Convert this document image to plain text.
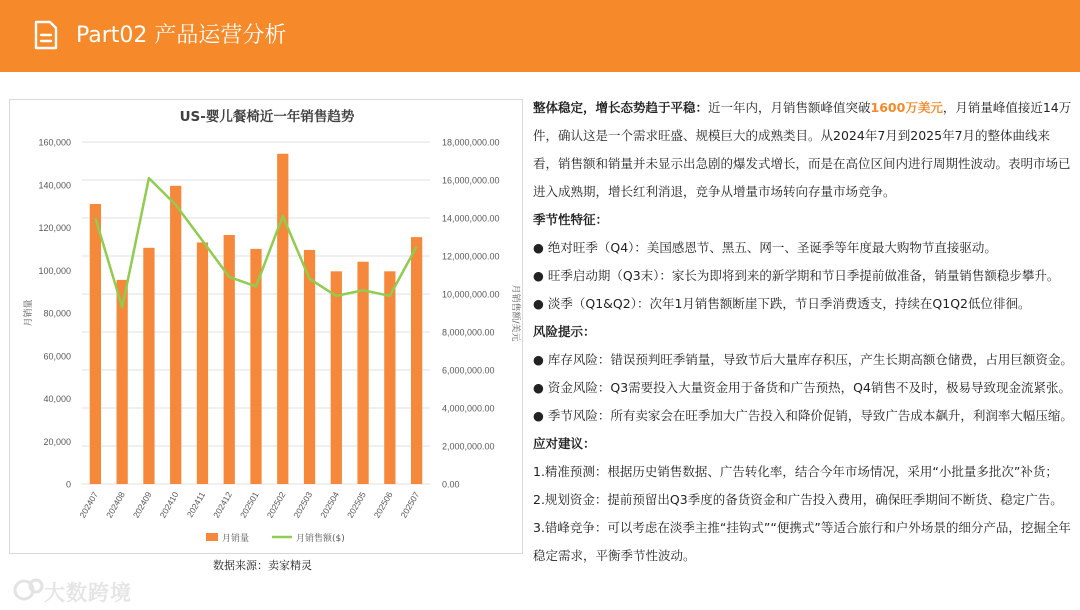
Part02 产品运营分析
0.00
2,000,000.00
4,000,000.00
6,000,000.00
8,000,000.00
10,000,000.00
12,000,000.00
14,000,000.00
16,000,000.00
18,000,000.00
0
20,000
40,000
60,000
80,000
100,000
120,000
140,000
160,000
US-婴儿餐椅近一年销售趋势
月销量	月销售额/美元
202407 202408 202409 202410 202411 202412 202501 202502 202503 202504 202505 202506 202507
月销量	月销售额($)
数据来源：卖家精灵

整体稳定，增长态势趋于平稳：近一年内，月销售额峰值突破1600万美元，月销量峰值接近14万件，确认这是一个需求旺盛、规模巨大的成熟类目。从2024年7月到2025年7月的整体曲线来看，销售额和销量并未显示出急剧的爆发式增长，而是在高位区间内进行周期性波动。表明市场已进入成熟期，增长红利消退，竞争从增量市场转向存量市场竞争。

季节性特征：

● 绝对旺季（Q4）：美国感恩节、黑五、网一、圣诞季等年度最大购物节直接驱动。

● 旺季启动期（Q3末）：家长为即将到来的新学期和节日季提前做准备，销量销售额稳步攀升。

● 淡季（Q1&Q2）：次年1月销售额断崖下跌，节日季消费透支，持续在Q1Q2低位徘徊。

风险提示：

● 库存风险：错误预判旺季销量，导致节后大量库存积压，产生长期高额仓储费，占用巨额资金。

● 资金风险：Q3需要投入大量资金用于备货和广告预热，Q4销售不及时，极易导致现金流紧张。

● 季节风险：所有卖家会在旺季加大广告投入和降价促销，导致广告成本飙升，利润率大幅压缩。

应对建议：

1.精准预测：根据历史销售数据、广告转化率，结合今年市场情况，采用“小批量多批次”补货；

2.规划资金：提前预留出Q3季度的备货资金和广告投入费用，确保旺季期间不断货、稳定广告。

3.错峰竞争：可以考虑在淡季主推“挂钩式”“便携式”等适合旅行和户外场景的细分产品，挖掘全年稳定需求，平衡季节性波动。

大数跨境
